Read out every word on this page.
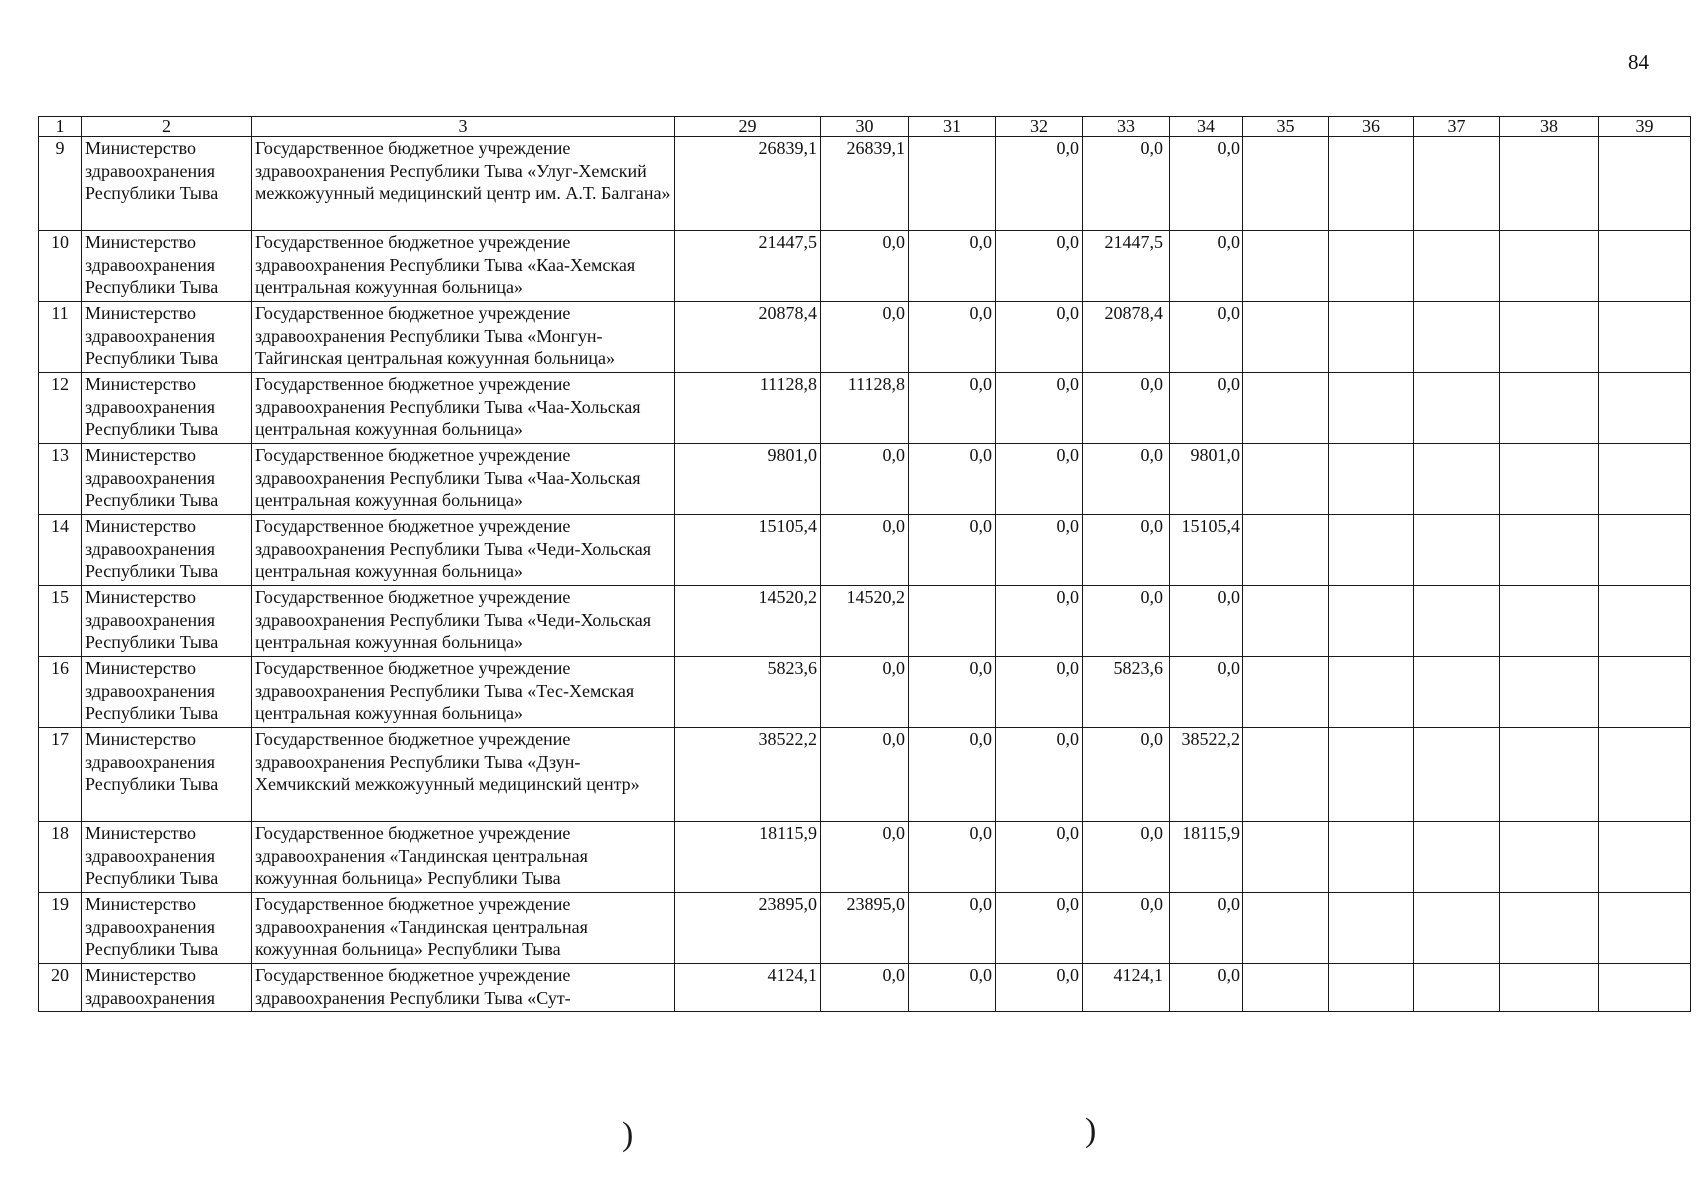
84
1	2	3	29	30	31	32	33	34	35	36	37	38	39
9	Министерство здравоохранения Республики Тыва	Государственное бюджетное учреждение здравоохранения Республики Тыва «Улуг-Хемский межкожуунный медицинский центр им. А.Т. Балгана»	26839,1	26839,1		0,0	0,0	0,0					
10	Министерство здравоохранения Республики Тыва	Государственное бюджетное учреждение здравоохранения Республики Тыва «Каа-Хемская центральная кожуунная больница»	21447,5	0,0	0,0	0,0	21447,5	0,0					
11	Министерство здравоохранения Республики Тыва	Государственное бюджетное учреждение здравоохранения Республики Тыва «Монгун-Тайгинская центральная кожуунная больница»	20878,4	0,0	0,0	0,0	20878,4	0,0					
12	Министерство здравоохранения Республики Тыва	Государственное бюджетное учреждение здравоохранения Республики Тыва «Чаа-Хольская центральная кожуунная больница»	11128,8	11128,8	0,0	0,0	0,0	0,0					
13	Министерство здравоохранения Республики Тыва	Государственное бюджетное учреждение здравоохранения Республики Тыва «Чаа-Хольская центральная кожуунная больница»	9801,0	0,0	0,0	0,0	0,0	9801,0					
14	Министерство здравоохранения Республики Тыва	Государственное бюджетное учреждение здравоохранения Республики Тыва «Чеди-Хольская центральная кожуунная больница»	15105,4	0,0	0,0	0,0	0,0	15105,4					
15	Министерство здравоохранения Республики Тыва	Государственное бюджетное учреждение здравоохранения Республики Тыва «Чеди-Хольская центральная кожуунная больница»	14520,2	14520,2		0,0	0,0	0,0					
16	Министерство здравоохранения Республики Тыва	Государственное бюджетное учреждение здравоохранения Республики Тыва «Тес-Хемская центральная кожуунная больница»	5823,6	0,0	0,0	0,0	5823,6	0,0					
17	Министерство здравоохранения Республики Тыва	Государственное бюджетное учреждение здравоохранения Республики Тыва «Дзун-Хемчикский межкожуунный медицинский центр»	38522,2	0,0	0,0	0,0	0,0	38522,2					
18	Министерство здравоохранения Республики Тыва	Государственное бюджетное учреждение здравоохранения «Тандинская центральная кожуунная больница» Республики Тыва	18115,9	0,0	0,0	0,0	0,0	18115,9					
19	Министерство здравоохранения Республики Тыва	Государственное бюджетное учреждение здравоохранения «Тандинская центральная кожуунная больница» Республики Тыва	23895,0	23895,0	0,0	0,0	0,0	0,0					
20	Министерство здравоохранения	Государственное бюджетное учреждение здравоохранения Республики Тыва «Сут-	4124,1	0,0	0,0	0,0	4124,1	0,0					
)	)
